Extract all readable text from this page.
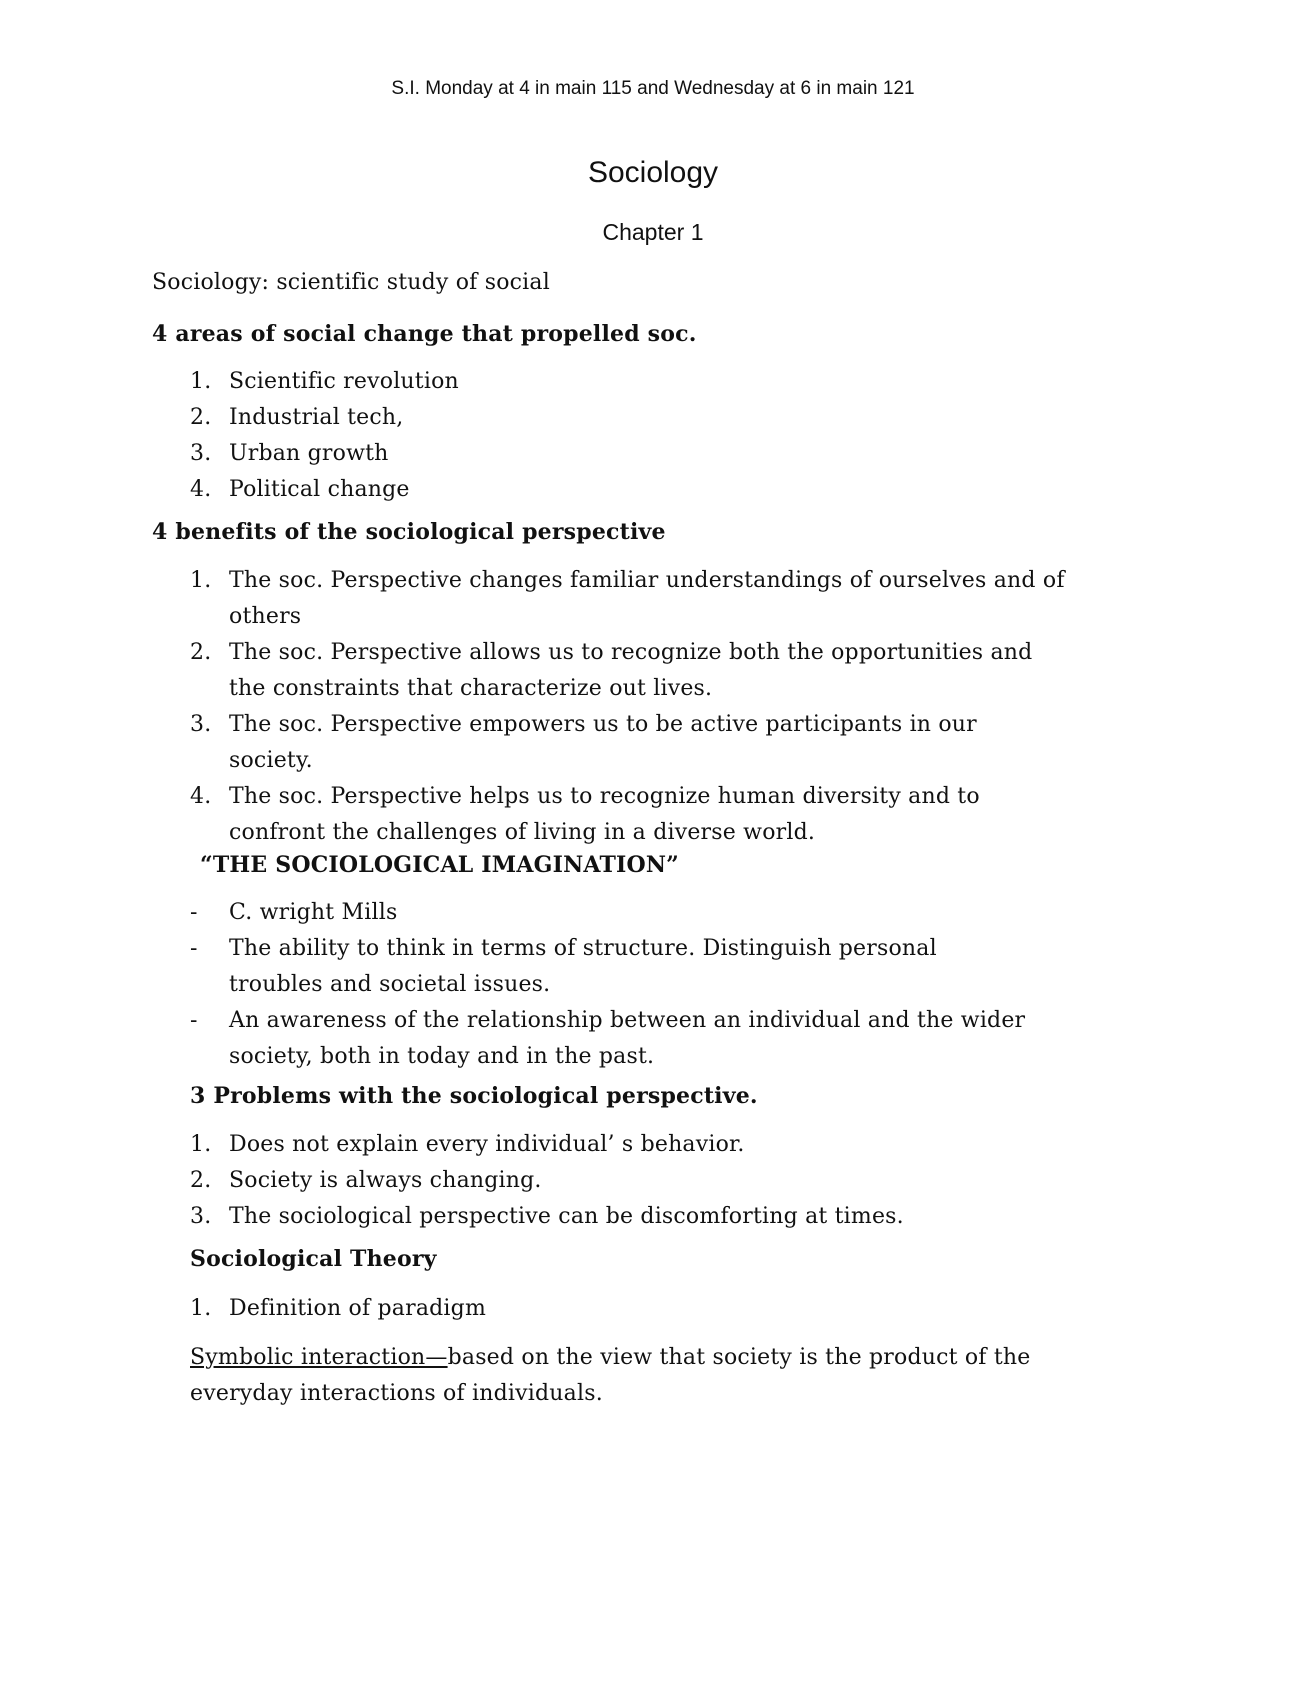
S.I. Monday at 4 in main 115 and Wednesday at 6 in main 121
Sociology
Chapter 1
Sociology: scientific study of social
4 areas of social change that propelled soc.
1. Scientific revolution
2. Industrial tech,
3. Urban growth
4. Political change
4 benefits of the sociological perspective
1. The soc. Perspective changes familiar understandings of ourselves and of
others
2. The soc. Perspective allows us to recognize both the opportunities and
the constraints that characterize out lives.
3. The soc. Perspective empowers us to be active participants in our
society.
4. The soc. Perspective helps us to recognize human diversity and to
confront the challenges of living in a diverse world.
“THE SOCIOLOGICAL IMAGINATION”
- C. wright Mills
- The ability to think in terms of structure. Distinguish personal
troubles and societal issues.
- An awareness of the relationship between an individual and the wider
society, both in today and in the past.
3 Problems with the sociological perspective.
1. Does not explain every individual’ s behavior.
2. Society is always changing.
3. The sociological perspective can be discomforting at times.
Sociological Theory
1. Definition of paradigm
Symbolic interaction—based on the view that society is the product of the
everyday interactions of individuals.
